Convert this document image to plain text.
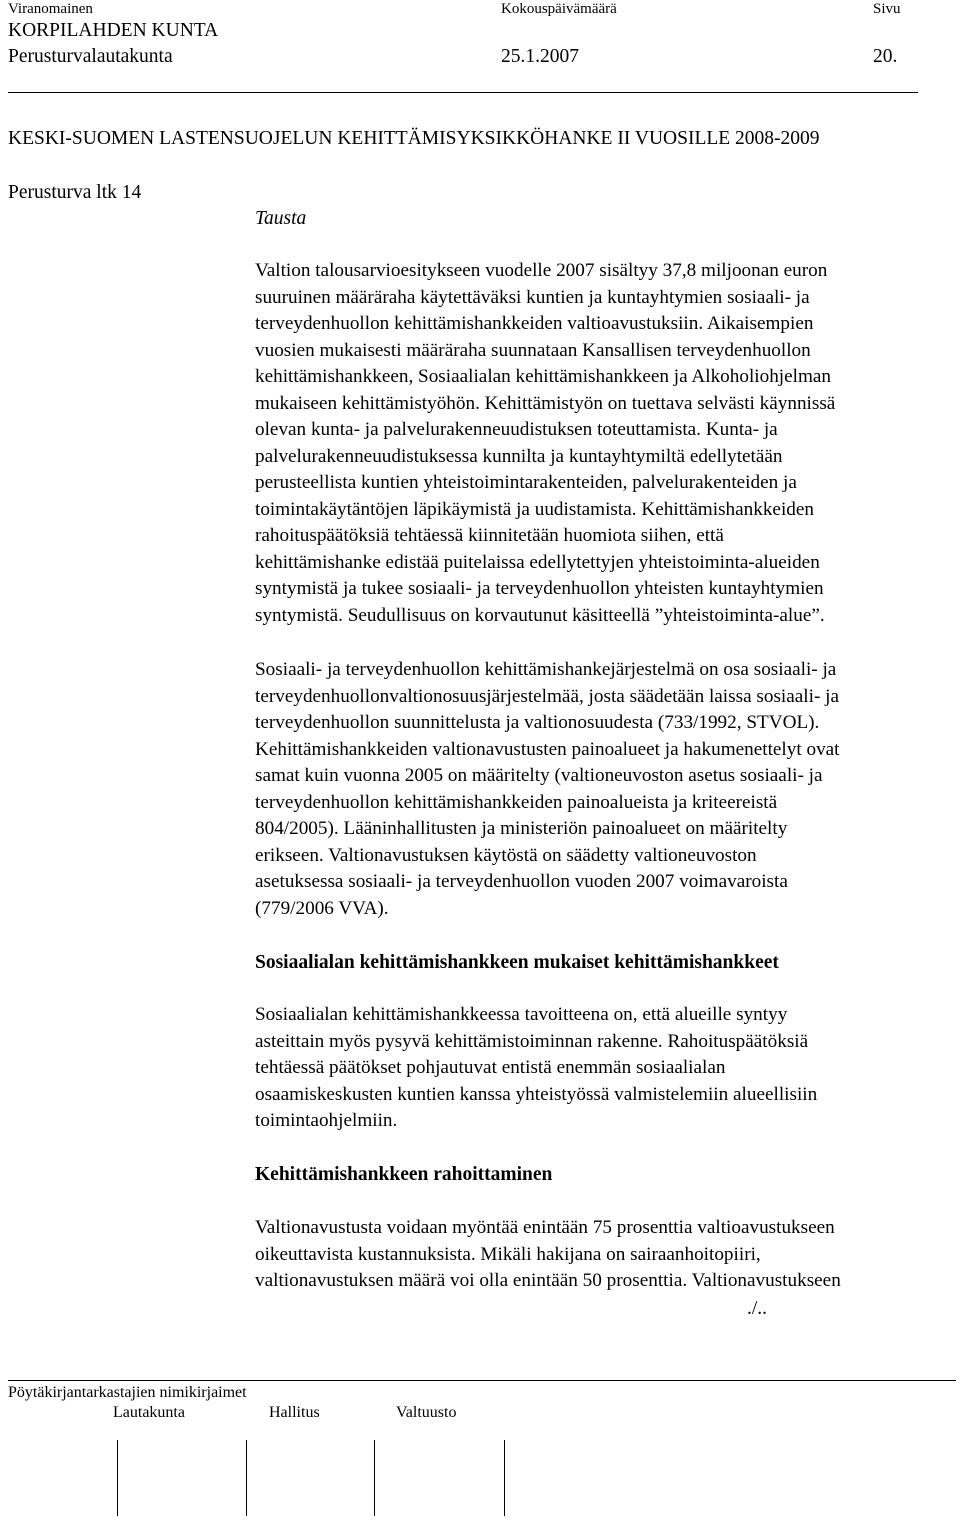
Viranomainen	Kokouspäivämäärä	Sivu
KORPILAHDEN KUNTA
Perusturvalautakunta	25.1.2007	20.
KESKI-SUOMEN LASTENSUOJELUN KEHITTÄMISYKSIKKÖHANKE II VUOSILLE 2008-2009
Perusturva ltk 14
Tausta
Valtion talousarvioesitykseen vuodelle 2007 sisältyy 37,8 miljoonan euron
suuruinen määräraha käytettäväksi kuntien ja kuntayhtymien sosiaali- ja
terveydenhuollon kehittämishankkeiden valtioavustuksiin. Aikaisempien
vuosien mukaisesti määräraha suunnataan Kansallisen terveydenhuollon
kehittämishankkeen, Sosiaalialan kehittämishankkeen ja Alkoholiohjelman
mukaiseen kehittämistyöhön. Kehittämistyön on tuettava selvästi käynnissä
olevan kunta- ja palvelurakenneuudistuksen toteuttamista. Kunta- ja
palvelurakenneuudistuksessa kunnilta ja kuntayhtymiltä edellytetään
perusteellista kuntien yhteistoimintarakenteiden, palvelurakenteiden ja
toimintakäytäntöjen läpikäymistä ja uudistamista. Kehittämishankkeiden
rahoituspäätöksiä tehtäessä kiinnitetään huomiota siihen, että
kehittämishanke edistää puitelaissa edellytettyjen yhteistoiminta-alueiden
syntymistä ja tukee sosiaali- ja terveydenhuollon yhteisten kuntayhtymien
syntymistä. Seudullisuus on korvautunut käsitteellä ”yhteistoiminta-alue”.
Sosiaali- ja terveydenhuollon kehittämishankejärjestelmä on osa sosiaali- ja
terveydenhuollonvaltionosuusjärjestelmää, josta säädetään laissa sosiaali- ja
terveydenhuollon suunnittelusta ja valtionosuudesta (733/1992, STVOL).
Kehittämishankkeiden valtionavustusten painoalueet ja hakumenettelyt ovat
samat kuin vuonna 2005 on määritelty (valtioneuvoston asetus sosiaali- ja
terveydenhuollon kehittämishankkeiden painoalueista ja kriteereistä
804/2005). Lääninhallitusten ja ministeriön painoalueet on määritelty
erikseen. Valtionavustuksen käytöstä on säädetty valtioneuvoston
asetuksessa sosiaali- ja terveydenhuollon vuoden 2007 voimavaroista
(779/2006 VVA).
Sosiaalialan kehittämishankkeen mukaiset kehittämishankkeet
Sosiaalialan kehittämishankkeessa tavoitteena on, että alueille syntyy
asteittain myös pysyvä kehittämistoiminnan rakenne. Rahoituspäätöksiä
tehtäessä päätökset pohjautuvat entistä enemmän sosiaalialan
osaamiskeskusten kuntien kanssa yhteistyössä valmistelemiin alueellisiin
toimintaohjelmiin.
Kehittämishankkeen rahoittaminen
Valtionavustusta voidaan myöntää enintään 75 prosenttia valtioavustukseen
oikeuttavista kustannuksista. Mikäli hakijana on sairaanhoitopiiri,
valtionavustuksen määrä voi olla enintään 50 prosenttia. Valtionavustukseen
./..
Pöytäkirjantarkastajien nimikirjaimet
Lautakunta	Hallitus	Valtuusto
